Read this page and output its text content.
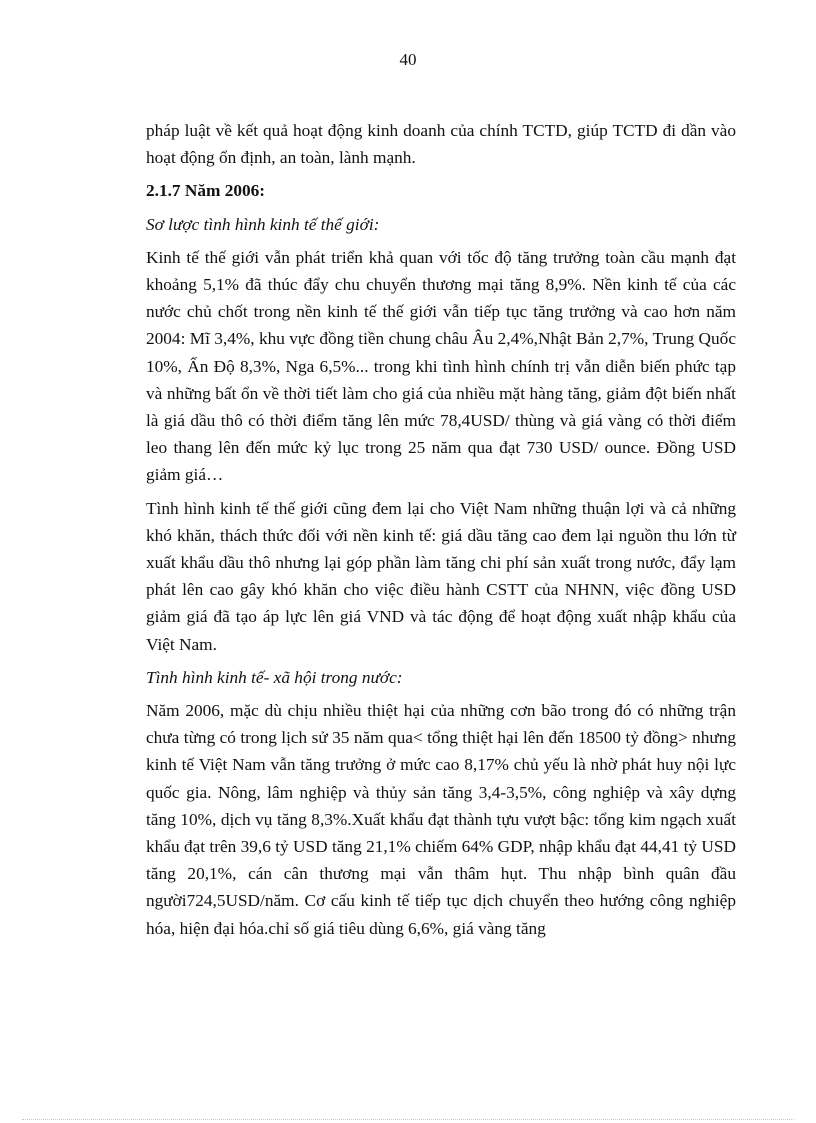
40

pháp luật về kết quả hoạt động kinh doanh của chính TCTD, giúp TCTD đi dần vào hoạt động ổn định, an toàn, lành mạnh.

2.1.7 Năm 2006:

Sơ lược tình hình kinh tế thế giới:

Kinh tế thế giới vẫn phát triển khả quan với tốc độ tăng trưởng toàn cầu mạnh đạt khoảng 5,1% đã thúc đẩy chu chuyển thương mại tăng 8,9%. Nền kinh tế của các nước chủ chốt trong nền kinh tế thế giới vẫn tiếp tục tăng trưởng và cao hơn năm 2004: Mĩ 3,4%, khu vực đồng tiền chung châu Âu 2,4%,Nhật Bản 2,7%, Trung Quốc 10%, Ấn Độ 8,3%, Nga 6,5%... trong khi tình hình chính trị vẫn diễn biến phức tạp và những bất ổn về thời tiết làm cho giá của nhiều mặt hàng tăng, giảm đột biến nhất là giá dầu thô có thời điểm tăng lên mức 78,4USD/ thùng và giá vàng có thời điểm leo thang lên đến mức kỷ lục trong 25 năm qua đạt 730 USD/ ounce. Đồng USD giảm giá…

Tình hình kinh tế thế giới cũng đem lại cho Việt Nam những thuận lợi và cả những khó khăn, thách thức đối với nền kinh tế: giá dầu tăng cao đem lại nguồn thu lớn từ xuất khẩu dầu thô nhưng lại góp phần làm tăng chi phí sản xuất trong nước, đẩy lạm phát lên cao gây khó khăn cho việc điều hành CSTT của NHNN, việc đồng USD giảm giá đã tạo áp lực lên giá VND và tác động để hoạt động xuất nhập khẩu của Việt Nam.

Tình hình kinh tế- xã hội trong nước:

Năm 2006, mặc dù chịu nhiều thiệt hại của những cơn bão trong đó có những trận chưa từng có trong lịch sử 35 năm qua< tổng thiệt hại lên đến 18500 tỷ đồng> nhưng kinh tế Việt Nam vẫn tăng trưởng ở mức cao 8,17% chủ yếu là nhờ phát huy nội lực quốc gia. Nông, lâm nghiệp và thủy sản tăng 3,4-3,5%, công nghiệp và xây dựng tăng 10%, dịch vụ tăng 8,3%.Xuất khẩu đạt thành tựu vượt bậc: tổng kim ngạch xuất khẩu đạt trên 39,6 tỷ USD tăng 21,1% chiếm 64% GDP, nhập khẩu đạt 44,41 tỷ USD tăng 20,1%, cán cân thương mại vẫn thâm hụt. Thu nhập bình quân đầu người724,5USD/năm. Cơ cấu kinh tế tiếp tục dịch chuyển theo hướng công nghiệp hóa, hiện đại hóa.chỉ số giá tiêu dùng 6,6%, giá vàng tăng
